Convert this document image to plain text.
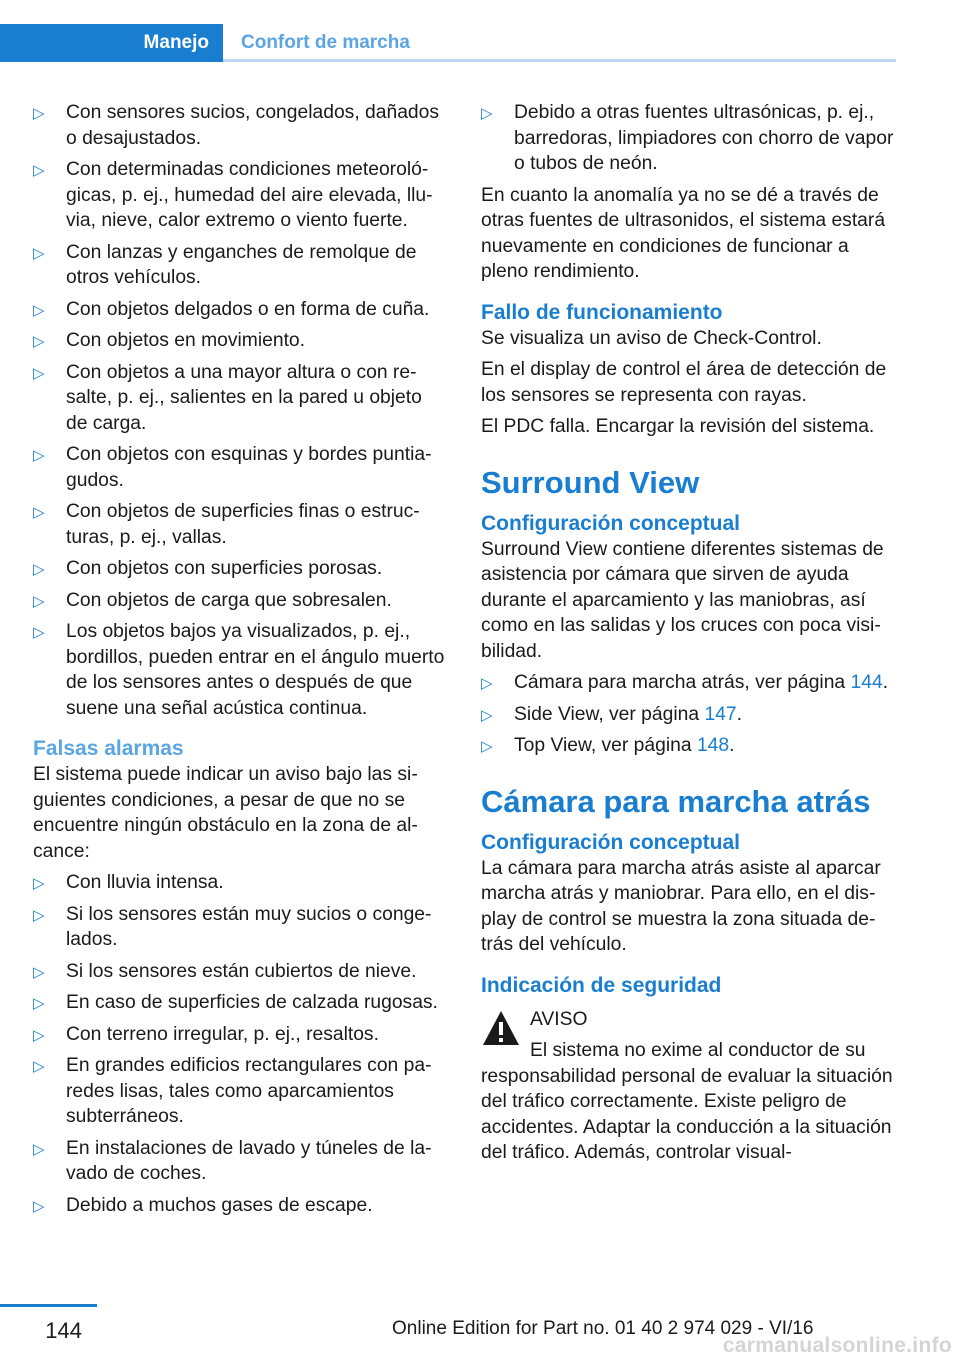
Manejo	Confort de marcha
▷ Con sensores sucios, congelados, dañados o desajustados.
▷ Con determinadas condiciones meteorológicas, p. ej., humedad del aire elevada, lluvia, nieve, calor extremo o viento fuerte.
▷ Con lanzas y enganches de remolque de otros vehículos.
▷ Con objetos delgados o en forma de cuña.
▷ Con objetos en movimiento.
▷ Con objetos a una mayor altura o con resalte, p. ej., salientes en la pared u objeto de carga.
▷ Con objetos con esquinas y bordes puntiagudos.
▷ Con objetos de superficies finas o estructuras, p. ej., vallas.
▷ Con objetos con superficies porosas.
▷ Con objetos de carga que sobresalen.
▷ Los objetos bajos ya visualizados, p. ej., bordillos, pueden entrar en el ángulo muerto de los sensores antes o después de que suene una señal acústica continua.
Falsas alarmas

El sistema puede indicar un aviso bajo las siguientes condiciones, a pesar de que no se encuentre ningún obstáculo en la zona de alcance:

▷ Con lluvia intensa.
▷ Si los sensores están muy sucios o congelados.
▷ Si los sensores están cubiertos de nieve.
▷ En caso de superficies de calzada rugosas.
▷ Con terreno irregular, p. ej., resaltos.
▷ En grandes edificios rectangulares con paredes lisas, tales como aparcamientos subterráneos.
▷ En instalaciones de lavado y túneles de lavado de coches.
▷ Debido a muchos gases de escape.
▷ Debido a otras fuentes ultrasónicas, p. ej., barredoras, limpiadores con chorro de vapor o tubos de neón.

En cuanto la anomalía ya no se dé a través de otras fuentes de ultrasonidos, el sistema estará nuevamente en condiciones de funcionar a pleno rendimiento.

Fallo de funcionamiento

Se visualiza un aviso de Check-Control.

En el display de control el área de detección de los sensores se representa con rayas.

El PDC falla. Encargar la revisión del sistema.

Surround View
Configuración conceptual

Surround View contiene diferentes sistemas de asistencia por cámara que sirven de ayuda durante el aparcamiento y las maniobras, así como en las salidas y los cruces con poca visibilidad.

▷ Cámara para marcha atrás, ver página 144.
▷ Side View, ver página 147.
▷ Top View, ver página 148.
Cámara para marcha atrás
Configuración conceptual

La cámara para marcha atrás asiste al aparcar marcha atrás y maniobrar. Para ello, en el display de control se muestra la zona situada detrás del vehículo.

Indicación de seguridad
AVISO
El sistema no exime al conductor de su
responsabilidad personal de evaluar la situación del tráfico correctamente. Existe peligro de accidentes. Adaptar la conducción a la situación del tráfico. Además, controlar visual-
144	Online Edition for Part no. 01 40 2 974 029 - VI/16
carmanualsonline.info
